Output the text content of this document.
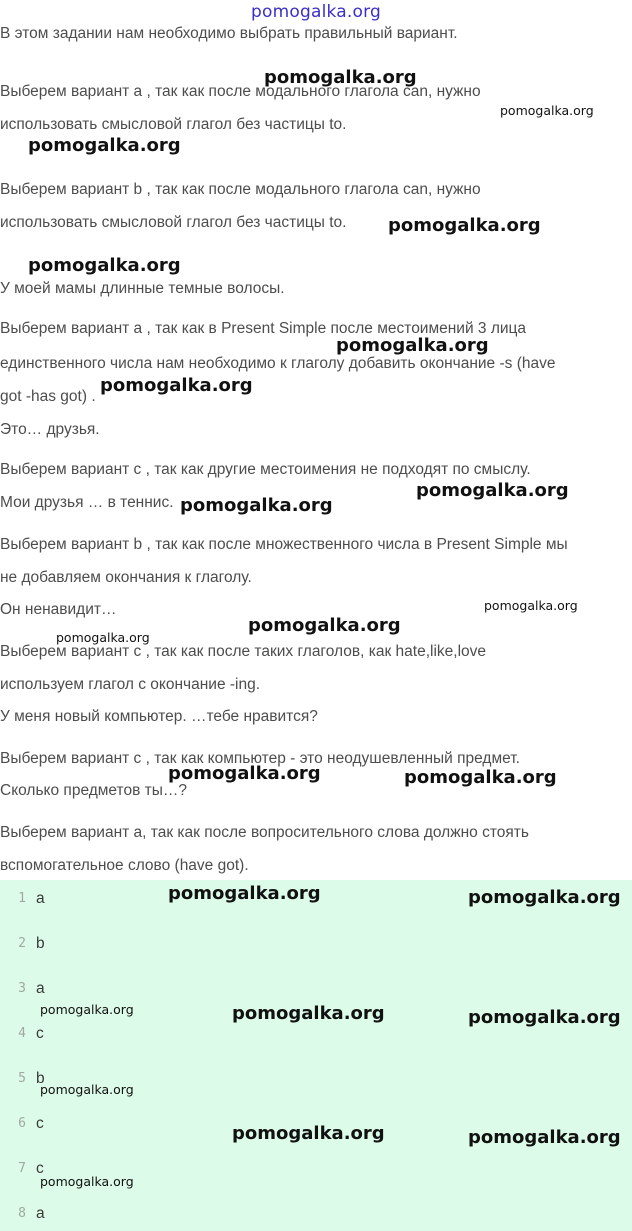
pomogalka.org
В этом задании нам необходимо выбрать правильный вариант.
Выберем вариант a , так как после модального глагола can, нужно
использовать смысловой глагол без частицы to.
Выберем вариант b , так как после модального глагола can, нужно
использовать смысловой глагол без частицы to.
У моей мамы длинные темные волосы.
Выберем вариант a , так как в Present Simple после местоимений 3 лица
единственного числа нам необходимо к глаголу добавить окончание -s (have
got -has got) .
Это… друзья.
Выберем вариант c , так как другие местоимения не подходят по смыслу.
Мои друзья … в теннис.
Выберем вариант b , так как после множественного числа в Present Simple мы
не добавляем окончания к глаголу.
Он ненавидит…
Выберем вариант c , так как после таких глаголов, как hate,like,love
используем глагол с окончание -ing.
У меня новый компьютер. …тебе нравится?
Выберем вариант c , так как компьютер - это неодушевленный предмет.
Сколько предметов ты…?
Выберем вариант a, так как после вопросительного слова должно стоять
вспомогательное слово (have got).
1 a
2 b
3 a
4 c
5 b
6 c
7 c
8 a
pomogalka.org
pomogalka.org
pomogalka.org
pomogalka.org
pomogalka.org
pomogalka.org
pomogalka.org
pomogalka.org
pomogalka.org
pomogalka.org
pomogalka.org
pomogalka.org
pomogalka.org	pomogalka.org
pomogalka.org	pomogalka.org
pomogalka.org	pomogalka.org	pomogalka.org
pomogalka.org
pomogalka.org	pomogalka.org
pomogalka.org
